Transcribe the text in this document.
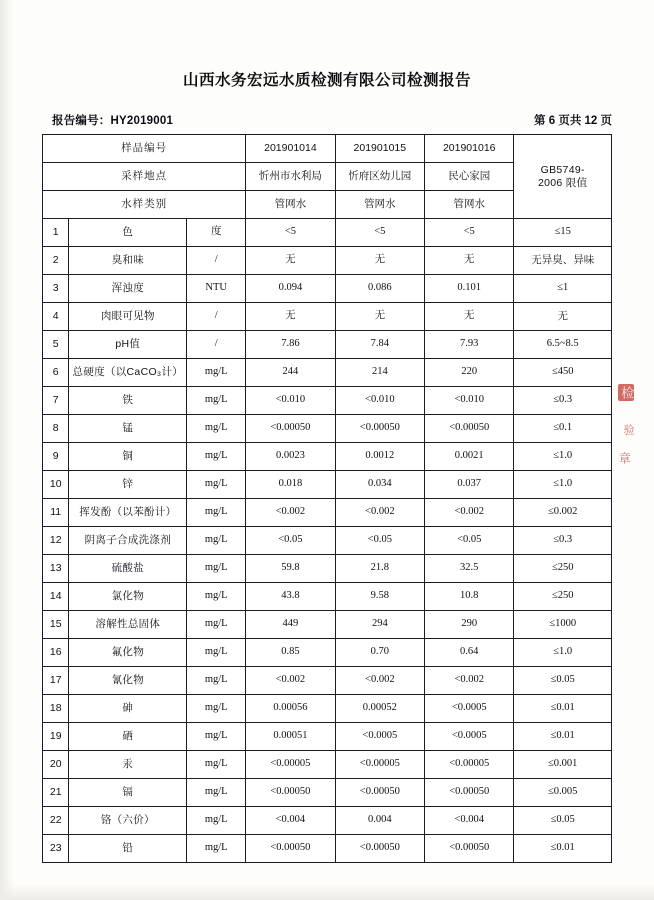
山西水务宏远水质检测有限公司检测报告
报告编号：HY2019001	第 6 页共 12 页
样品编号			201901014	201901015	201901016	GB5749-
2006 限值

采样地点			忻州市水利局	忻府区幼儿园	民心家园	
水样类别			管网水	管网水	管网水	
1	色	度	<5	<5	<5	≤15
2	臭和味	/	无	无	无	无异臭、异味
3	浑浊度	NTU	0.094	0.086	0.101	≤1
4	肉眼可见物	/	无	无	无	无
5	pH值	/	7.86	7.84	7.93	6.5~8.5
6	总硬度（以CaCO₃计）	mg/L	244	214	220	≤450
7	铁	mg/L	<0.010	<0.010	<0.010	≤0.3
8	锰	mg/L	<0.00050	<0.00050	<0.00050	≤0.1
9	铜	mg/L	0.0023	0.0012	0.0021	≤1.0
10	锌	mg/L	0.018	0.034	0.037	≤1.0
11	挥发酚（以苯酚计）	mg/L	<0.002	<0.002	<0.002	≤0.002
12	阴离子合成洗涤剂	mg/L	<0.05	<0.05	<0.05	≤0.3
13	硫酸盐	mg/L	59.8	21.8	32.5	≤250
14	氯化物	mg/L	43.8	9.58	10.8	≤250
15	溶解性总固体	mg/L	449	294	290	≤1000
16	氟化物	mg/L	0.85	0.70	0.64	≤1.0
17	氰化物	mg/L	<0.002	<0.002	<0.002	≤0.05
18	砷	mg/L	0.00056	0.00052	<0.0005	≤0.01
19	硒	mg/L	0.00051	<0.0005	<0.0005	≤0.01
20	汞	mg/L	<0.00005	<0.00005	<0.00005	≤0.001
21	镉	mg/L	<0.00050	<0.00050	<0.00050	≤0.005
22	铬（六价）	mg/L	<0.004	0.004	<0.004	≤0.05
23	铅	mg/L	<0.00050	<0.00050	<0.00050	≤0.01
检
验
章
